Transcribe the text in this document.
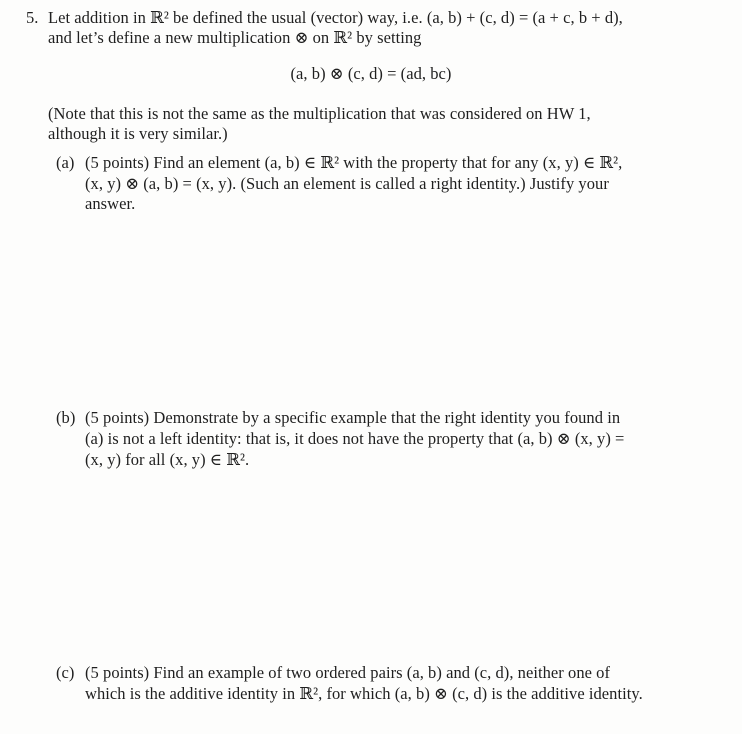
5. Let addition in ℝ² be defined the usual (vector) way, i.e. (a, b) + (c, d) = (a + c, b + d),
and let’s define a new multiplication ⊗ on ℝ² by setting
(a, b) ⊗ (c, d) = (ad, bc)
(Note that this is not the same as the multiplication that was considered on HW 1,
although it is very similar.)
(a) (5 points) Find an element (a, b) ∈ ℝ² with the property that for any (x, y) ∈ ℝ²,
(x, y) ⊗ (a, b) = (x, y). (Such an element is called a right identity.) Justify your
answer.
(b) (5 points) Demonstrate by a specific example that the right identity you found in
(a) is not a left identity: that is, it does not have the property that (a, b) ⊗ (x, y) =
(x, y) for all (x, y) ∈ ℝ².
(c) (5 points) Find an example of two ordered pairs (a, b) and (c, d), neither one of
which is the additive identity in ℝ², for which (a, b) ⊗ (c, d) is the additive identity.
